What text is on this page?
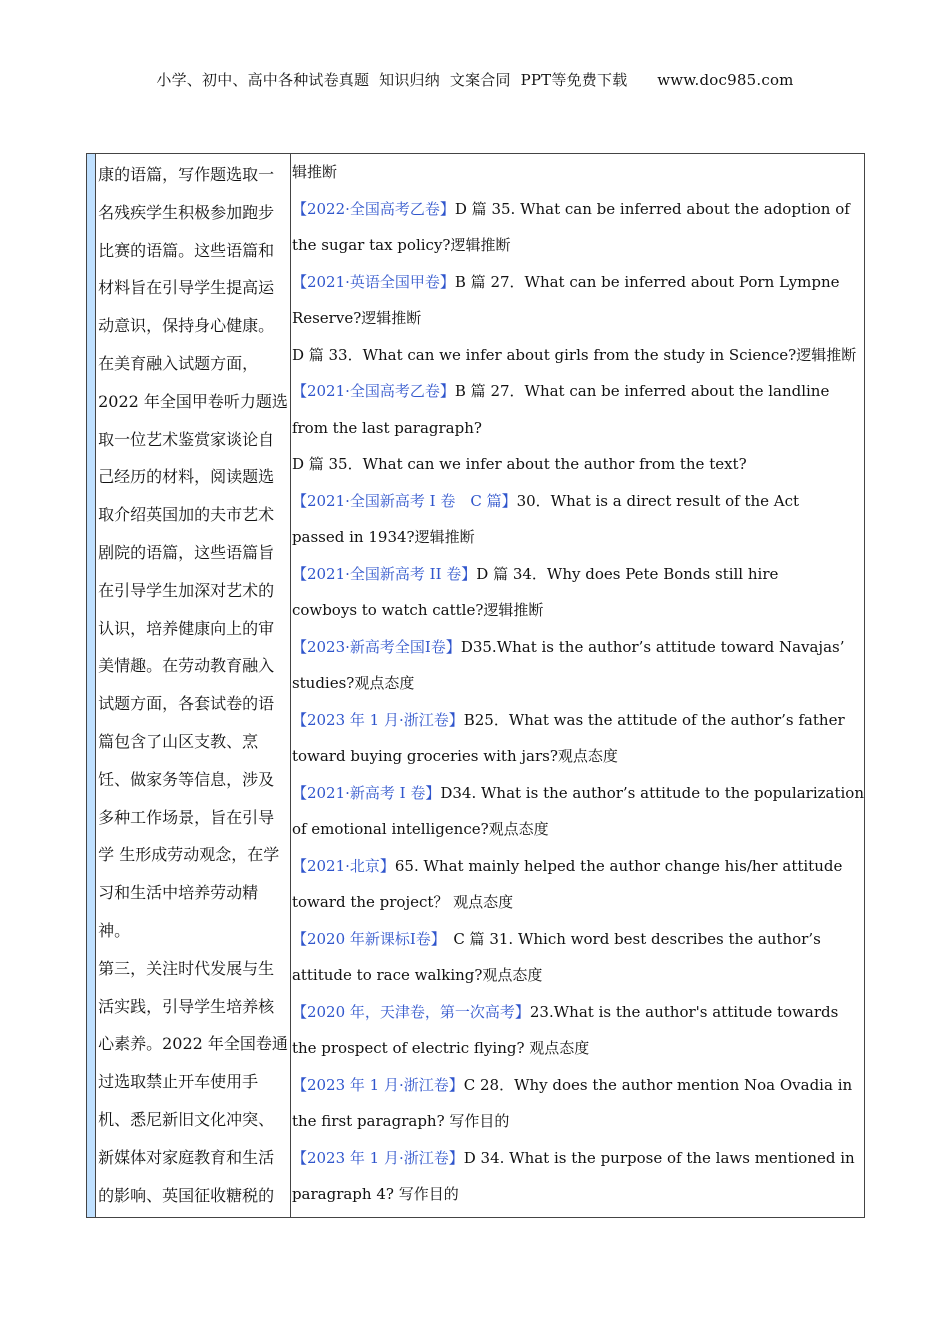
小学、初中、高中各种试卷真题  知识归纳  文案合同  PPT等免费下载      www.doc985.com
康的语篇，写作题选取一
名残疾学生积极参加跑步
比赛的语篇。这些语篇和
材料旨在引导学生提高运
动意识，保持身心健康。
在美育融入试题方面，
2022 年全国甲卷听力题选
取一位艺术鉴赏家谈论自
己经历的材料，阅读题选
取介绍英国加的夫市艺术
剧院的语篇，这些语篇旨
在引导学生加深对艺术的
认识，培养健康向上的审
美情趣。在劳动教育融入
试题方面，各套试卷的语
篇包含了山区支教、烹
饪、做家务等信息，涉及
多种工作场景，旨在引导
学 生形成劳动观念，在学
习和生活中培养劳动精
神。
第三，关注时代发展与生
活实践，引导学生培养核
心素养。2022 年全国卷通
过选取禁止开车使用手
机、悉尼新旧文化冲突、
新媒体对家庭教育和生活
的影响、英国征收糖税的
辑推断
【2022·全国高考乙卷】D 篇 35. What can be inferred about the adoption of
the sugar tax policy?逻辑推断
【2021·英语全国甲卷】B 篇 27．What can be inferred about Porn Lympne
Reserve?逻辑推断
D 篇 33．What can we infer about girls from the study in Science?逻辑推断
【2021·全国高考乙卷】B 篇 27．What can be inferred about the landline
from the last paragraph?
D 篇 35．What can we infer about the author from the text?
【2021·全国新高考 I 卷　C 篇】30．What is a direct result of the Act
passed in 1934?逻辑推断
【2021·全国新高考 II 卷】D 篇 34．Why does Pete Bonds still hire
cowboys to watch cattle?逻辑推断
【2023·新高考全国Ⅰ卷】D35.What is the author’s attitude toward Navajas’
studies?观点态度
【2023 年 1 月·浙江卷】B25．What was the attitude of the author’s father
toward buying groceries with jars?观点态度
【2021·新高考 I 卷】D34. What is the author’s attitude to the popularization
of emotional intelligence?观点态度
【2021·北京】65. What mainly helped the author change his/her attitude
toward the project？ 观点态度
【2020 年新课标Ⅰ卷】　C 篇 31. Which word best describes the author’s
attitude to race walking?观点态度
【2020 年，天津卷，第一次高考】23.What is the author's attitude towards
the prospect of electric flying? 观点态度
【2023 年 1 月·浙江卷】C 28．Why does the author mention Noa Ovadia in
the first paragraph? 写作目的
【2023 年 1 月·浙江卷】D 34. What is the purpose of the laws mentioned in
paragraph 4? 写作目的
